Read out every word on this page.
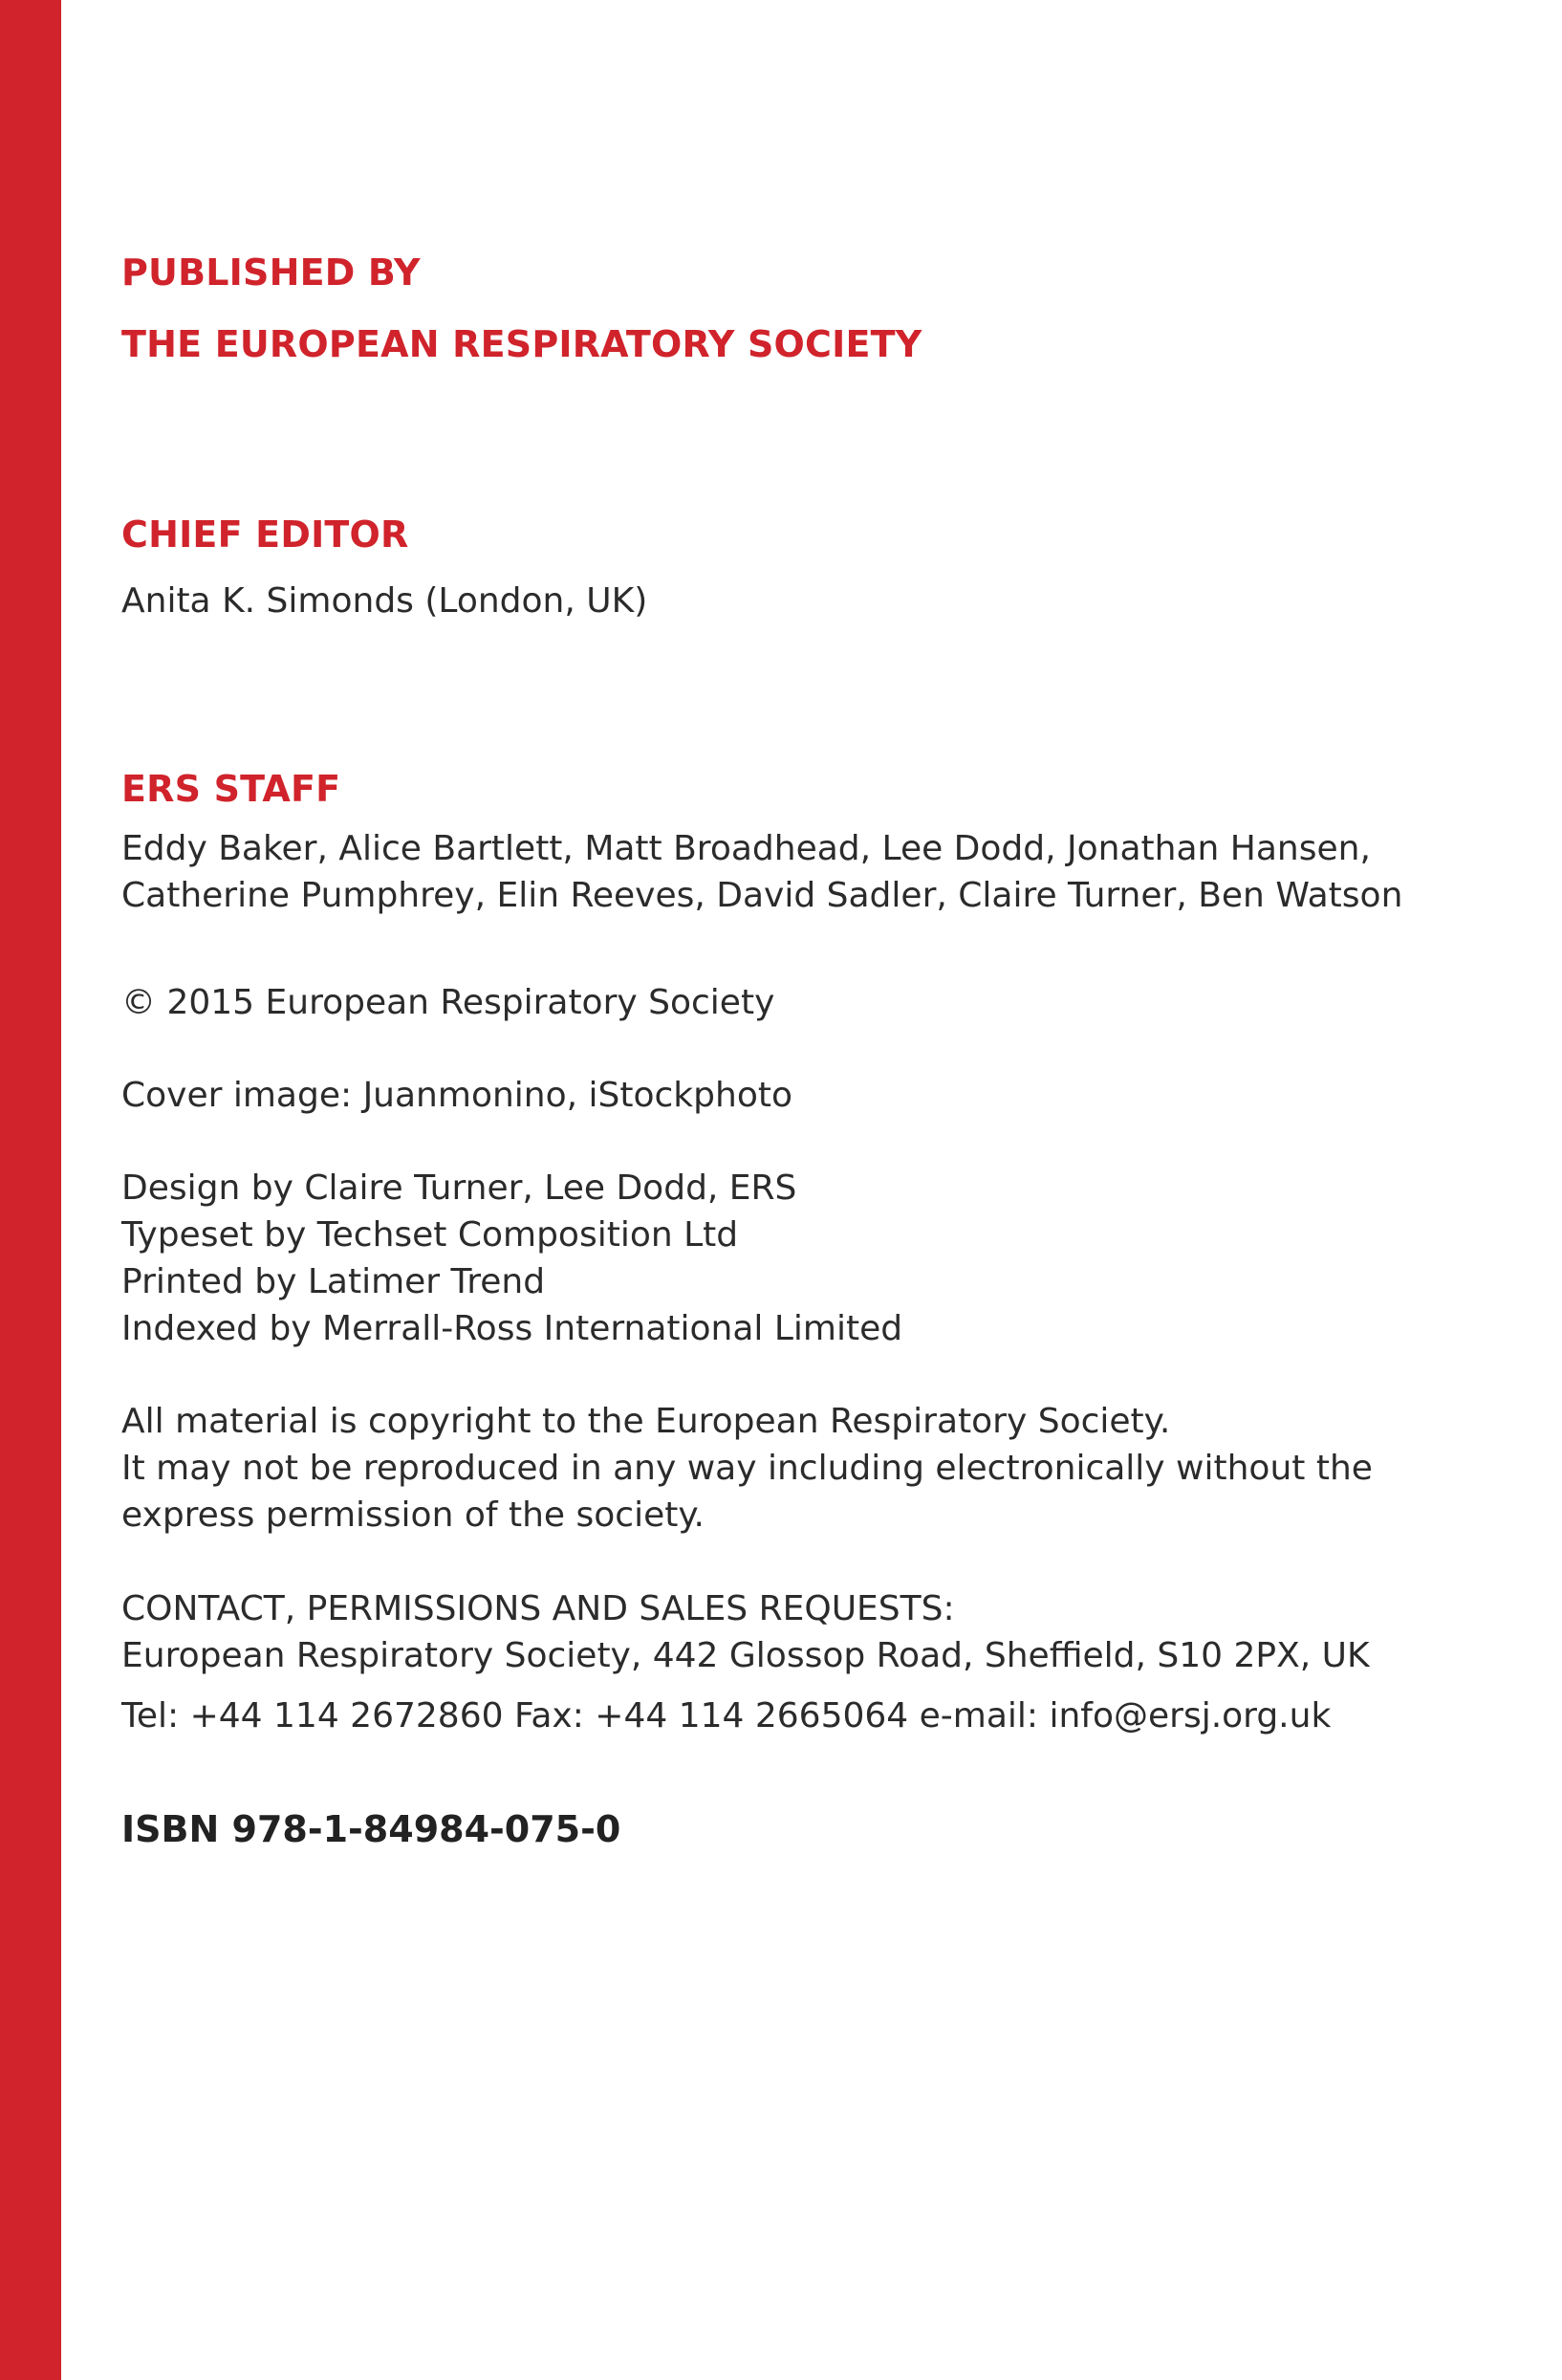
PUBLISHED BY
THE EUROPEAN RESPIRATORY SOCIETY
CHIEF EDITOR
Anita K. Simonds (London, UK)
ERS STAFF
Eddy Baker, Alice Bartlett, Matt Broadhead, Lee Dodd, Jonathan Hansen,
Catherine Pumphrey, Elin Reeves, David Sadler, Claire Turner, Ben Watson
© 2015 European Respiratory Society
Cover image: Juanmonino, iStockphoto
Design by Claire Turner, Lee Dodd, ERS
Typeset by Techset Composition Ltd
Printed by Latimer Trend
Indexed by Merrall-Ross International Limited
All material is copyright to the European Respiratory Society.
It may not be reproduced in any way including electronically without the
express permission of the society.
CONTACT, PERMISSIONS AND SALES REQUESTS:
European Respiratory Society, 442 Glossop Road, Sheffield, S10 2PX, UK
Tel: +44 114 2672860 Fax: +44 114 2665064 e-mail: info@ersj.org.uk
ISBN 978-1-84984-075-0
